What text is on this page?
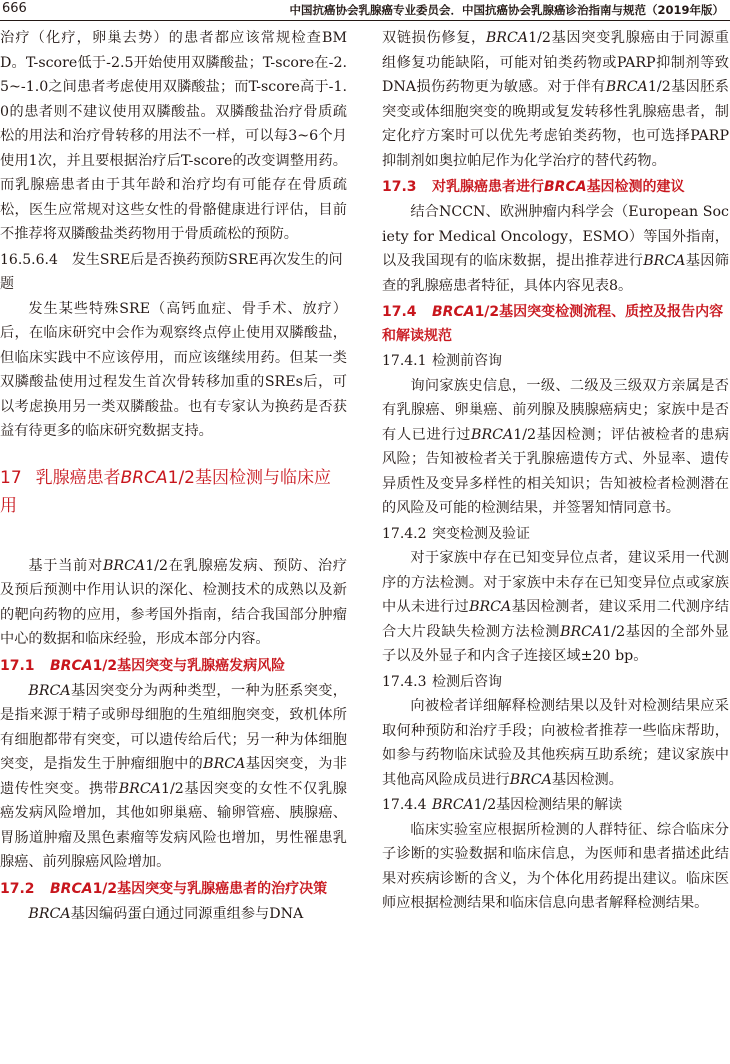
666	中国抗癌协会乳腺癌专业委员会．中国抗癌协会乳腺癌诊治指南与规范（2019年版）

治疗（化疗，卵巢去势）的患者都应该常规检查BMD。T-score低于-2.5开始使用双膦酸盐；T-score在-2.5~-1.0之间患者考虑使用双膦酸盐；而T-score高于-1.0的患者则不建议使用双膦酸盐。双膦酸盐治疗骨质疏松的用法和治疗骨转移的用法不一样，可以每3~6个月使用1次，并且要根据治疗后T-score的改变调整用药。而乳腺癌患者由于其年龄和治疗均有可能存在骨质疏松，医生应常规对这些女性的骨骼健康进行评估，目前不推荐将双膦酸盐类药物用于骨质疏松的预防。

16.5.6.4　发生SRE后是否换药预防SRE再次发生的问题

发生某些特殊SRE（高钙血症、骨手术、放疗）后，在临床研究中会作为观察终点停止使用双膦酸盐，但临床实践中不应该停用，而应该继续用药。但某一类双膦酸盐使用过程发生首次骨转移加重的SREs后，可以考虑换用另一类双膦酸盐。也有专家认为换药是否获益有待更多的临床研究数据支持。

17 乳腺癌患者BRCA1/2基因检测与临床应用

基于当前对BRCA1/2在乳腺癌发病、预防、治疗及预后预测中作用认识的深化、检测技术的成熟以及新的靶向药物的应用，参考国外指南，结合我国部分肿瘤中心的数据和临床经验，形成本部分内容。

17.1 BRCA1/2基因突变与乳腺癌发病风险

BRCA基因突变分为两种类型，一种为胚系突变，是指来源于精子或卵母细胞的生殖细胞突变，致机体所有细胞都带有突变，可以遗传给后代；另一种为体细胞突变，是指发生于肿瘤细胞中的BRCA基因突变，为非遗传性突变。携带BRCA1/2基因突变的女性不仅乳腺癌发病风险增加，其他如卵巢癌、输卵管癌、胰腺癌、胃肠道肿瘤及黑色素瘤等发病风险也增加，男性罹患乳腺癌、前列腺癌风险增加。

17.2 BRCA1/2基因突变与乳腺癌患者的治疗决策

BRCA基因编码蛋白通过同源重组参与DNA

双链损伤修复，BRCA1/2基因突变乳腺癌由于同源重组修复功能缺陷，可能对铂类药物或PARP抑制剂等致DNA损伤药物更为敏感。对于伴有BRCA1/2基因胚系突变或体细胞突变的晚期或复发转移性乳腺癌患者，制定化疗方案时可以优先考虑铂类药物，也可选择PARP抑制剂如奥拉帕尼作为化学治疗的替代药物。

17.3 对乳腺癌患者进行BRCA基因检测的建议

结合NCCN、欧洲肿瘤内科学会（European Society for Medical Oncology，ESMO）等国外指南，以及我国现有的临床数据，提出推荐进行BRCA基因筛查的乳腺癌患者特征，具体内容见表8。

17.4 BRCA1/2基因突变检测流程、质控及报告内容和解读规范

17.4.1 检测前咨询

询问家族史信息，一级、二级及三级双方亲属是否有乳腺癌、卵巢癌、前列腺及胰腺癌病史；家族中是否有人已进行过BRCA1/2基因检测；评估被检者的患病风险；告知被检者关于乳腺癌遗传方式、外显率、遗传异质性及变异多样性的相关知识；告知被检者检测潜在的风险及可能的检测结果，并签署知情同意书。

17.4.2 突变检测及验证

对于家族中存在已知变异位点者，建议采用一代测序的方法检测。对于家族中未存在已知变异位点或家族中从未进行过BRCA基因检测者，建议采用二代测序结合大片段缺失检测方法检测BRCA1/2基因的全部外显子以及外显子和内含子连接区域±20 bp。

17.4.3 检测后咨询

向被检者详细解释检测结果以及针对检测结果应采取何种预防和治疗手段；向被检者推荐一些临床帮助，如参与药物临床试验及其他疾病互助系统；建议家族中其他高风险成员进行BRCA基因检测。

17.4.4 BRCA1/2基因检测结果的解读

临床实验室应根据所检测的人群特征、综合临床分子诊断的实验数据和临床信息，为医师和患者描述此结果对疾病诊断的含义，为个体化用药提出建议。临床医师应根据检测结果和临床信息向患者解释检测结果。
